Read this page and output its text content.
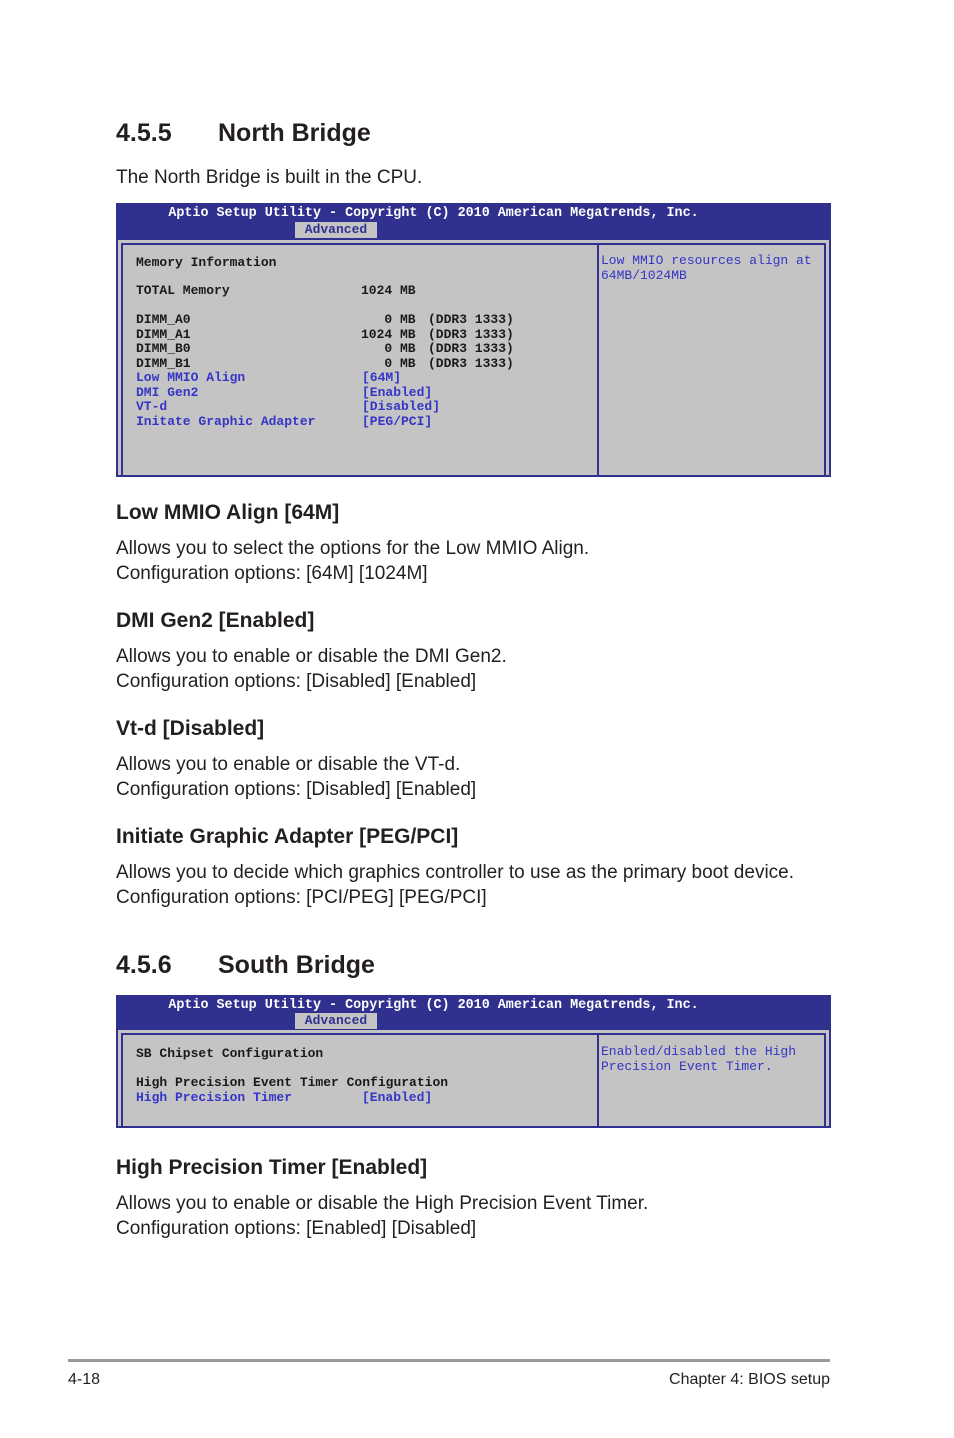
4.5.5

North Bridge

The North Bridge is built in the CPU.
Aptio Setup Utility - Copyright (C) 2010 American Megatrends, Inc.
Advanced
Memory Information
TOTAL Memory	1024 MB
DIMM_A0	0 MB (DDR3 1333)
DIMM_A1	1024 MB (DDR3 1333)
DIMM_B0	0 MB (DDR3 1333)
DIMM_B1	0 MB (DDR3 1333)
Low MMIO Align	[64M]
DMI Gen2	[Enabled]
VT-d	[Disabled]
Initate Graphic Adapter	[PEG/PCI]
Low MMIO resources align at
64MB/1024MB
Low MMIO Align [64M]
Allows you to select the options for the Low MMIO Align.
Configuration options: [64M] [1024M]
DMI Gen2 [Enabled]
Allows you to enable or disable the DMI Gen2.
Configuration options: [Disabled] [Enabled]
Vt-d [Disabled]
Allows you to enable or disable the VT-d.
Configuration options: [Disabled] [Enabled]
Initiate Graphic Adapter [PEG/PCI]
Allows you to decide which graphics controller to use as the primary boot device.
Configuration options: [PCI/PEG] [PEG/PCI]

4.5.6

South Bridge

Aptio Setup Utility - Copyright (C) 2010 American Megatrends, Inc.
Advanced
SB Chipset Configuration
High Precision Event Timer Configuration
High Precision Timer	[Enabled]
Enabled/disabled the High
Precision Event Timer.
High Precision Timer [Enabled]
Allows you to enable or disable the High Precision Event Timer.
Configuration options: [Enabled] [Disabled]
4-18	Chapter 4: BIOS setup
